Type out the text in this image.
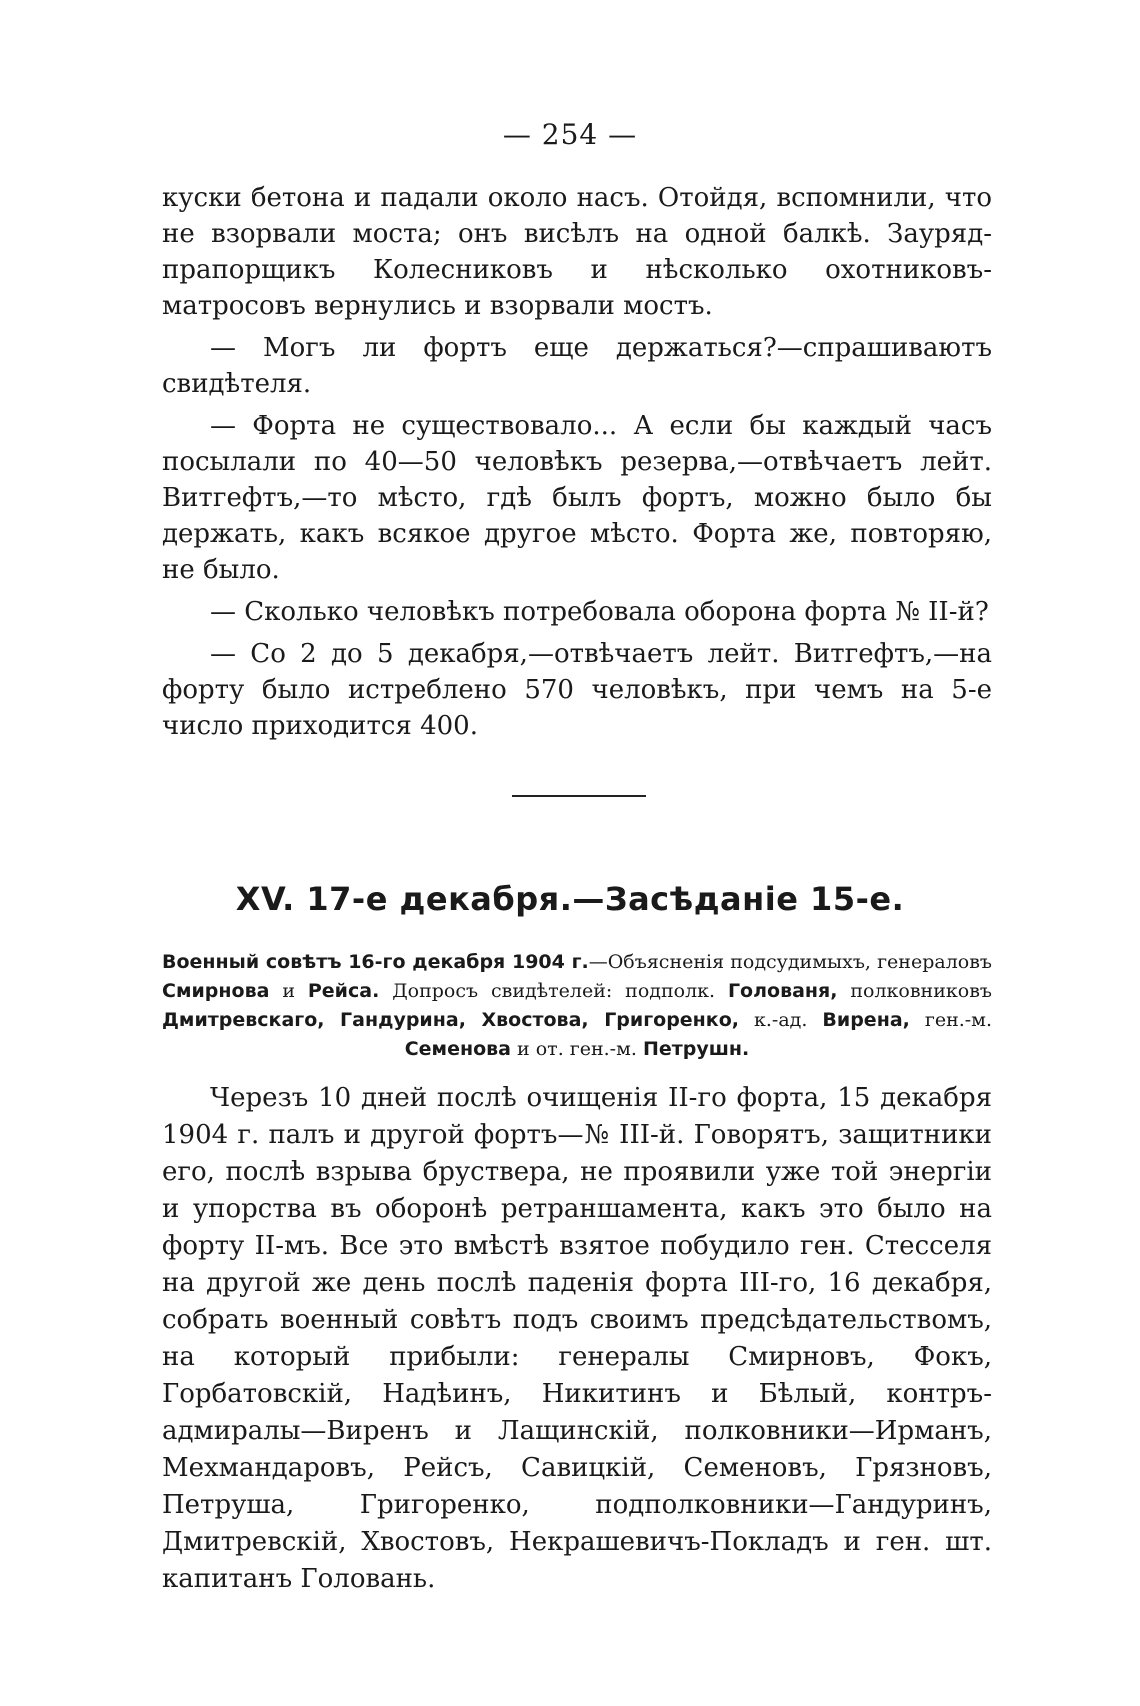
— 254 —

куски бетона и падали около насъ. Отойдя, вспомнили, что не взорвали моста; онъ висѣлъ на одной балкѣ. Зауряд-прапорщикъ Колесниковъ и нѣсколько охотниковъ-матросовъ вернулись и взорвали мостъ.

— Могъ ли фортъ еще держаться?—спрашиваютъ свидѣтеля.

— Форта не существовало... А если бы каждый часъ посылали по 40—50 человѣкъ резерва,—отвѣчаетъ лейт. Витгефтъ,—то мѣсто, гдѣ былъ фортъ, можно было бы держать, какъ всякое другое мѣсто. Форта же, повторяю, не было.

— Сколько человѣкъ потребовала оборона форта № II-й?

— Со 2 до 5 декабря,—отвѣчаетъ лейт. Витгефтъ,—на форту было истреблено 570 человѣкъ, при чемъ на 5-е число приходится 400.

XV. 17-е декабря.—Засѣданіе 15-е.
Военный совѣтъ 16-го декабря 1904 г.—Объясненія подсудимыхъ, генераловъ Смирнова и Рейса. Допросъ свидѣтелей: подполк. Голованя, полковниковъ Дмитревскаго, Гандурина, Хвостова, Григоренко, к.-ад. Вирена, ген.-м. Семенова и от. ген.-м. Петрушн.

Черезъ 10 дней послѣ очищенія II-го форта, 15 декабря 1904 г. палъ и другой фортъ—№ III-й. Говорятъ, защитники его, послѣ взрыва бруствера, не проявили уже той энергіи и упорства въ оборонѣ ретраншамента, какъ это было на форту II-мъ. Все это вмѣстѣ взятое побудило ген. Стесселя на другой же день послѣ паденія форта III-го, 16 декабря, собрать военный совѣтъ подъ своимъ предсѣдательствомъ, на который прибыли: генералы Смирновъ, Фокъ, Горбатовскій, Надѣинъ, Никитинъ и Бѣлый, контръ-адмиралы—Виренъ и Лащинскій, полковники—Ирманъ, Мехмандаровъ, Рейсъ, Савицкій, Семеновъ, Грязновъ, Петруша, Григоренко, подполковники—Гандуринъ, Дмитревскій, Хвостовъ, Некрашевичъ-Покладъ и ген. шт. капитанъ Головань.
